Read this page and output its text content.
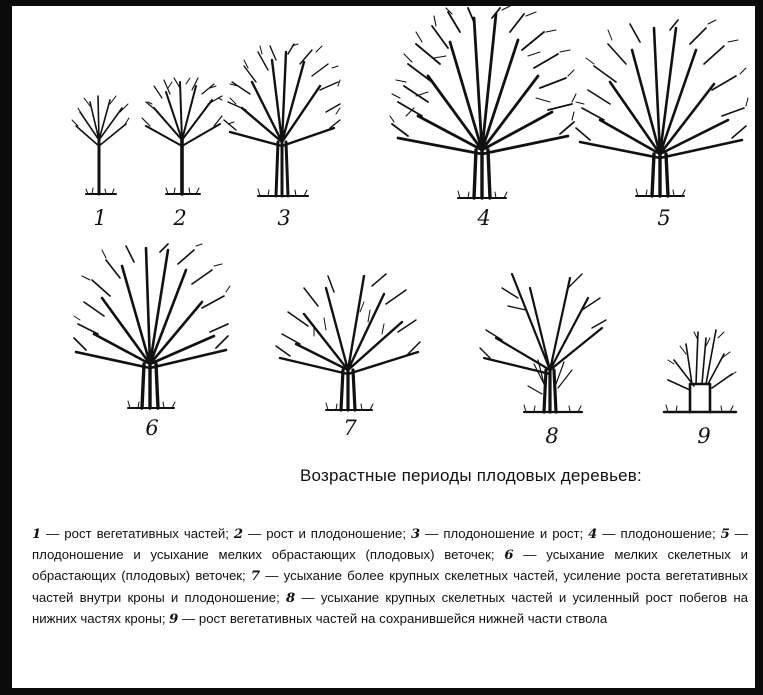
1	2	3	4	5
6	7	8	9
Возрастные периоды плодовых деревьев:

1 — рост вегетативных частей; 2 — рост и плодоношение; 3 — плодоношение и рост; 4 — плодоношение; 5 — плодоношение и усыхание мелких обрастающих (плодовых) веточек; 6 — усыхание мелких скелетных и обрастающих (плодовых) веточек; 7 — усыхание более крупных скелетных частей, усиление роста вегетативных частей внутри кроны и плодоношение; 8 — усыхание крупных скелетных частей и усиленный рост побегов на нижних частях кроны; 9 — рост вегетативных частей на сохранившейся нижней части ствола
